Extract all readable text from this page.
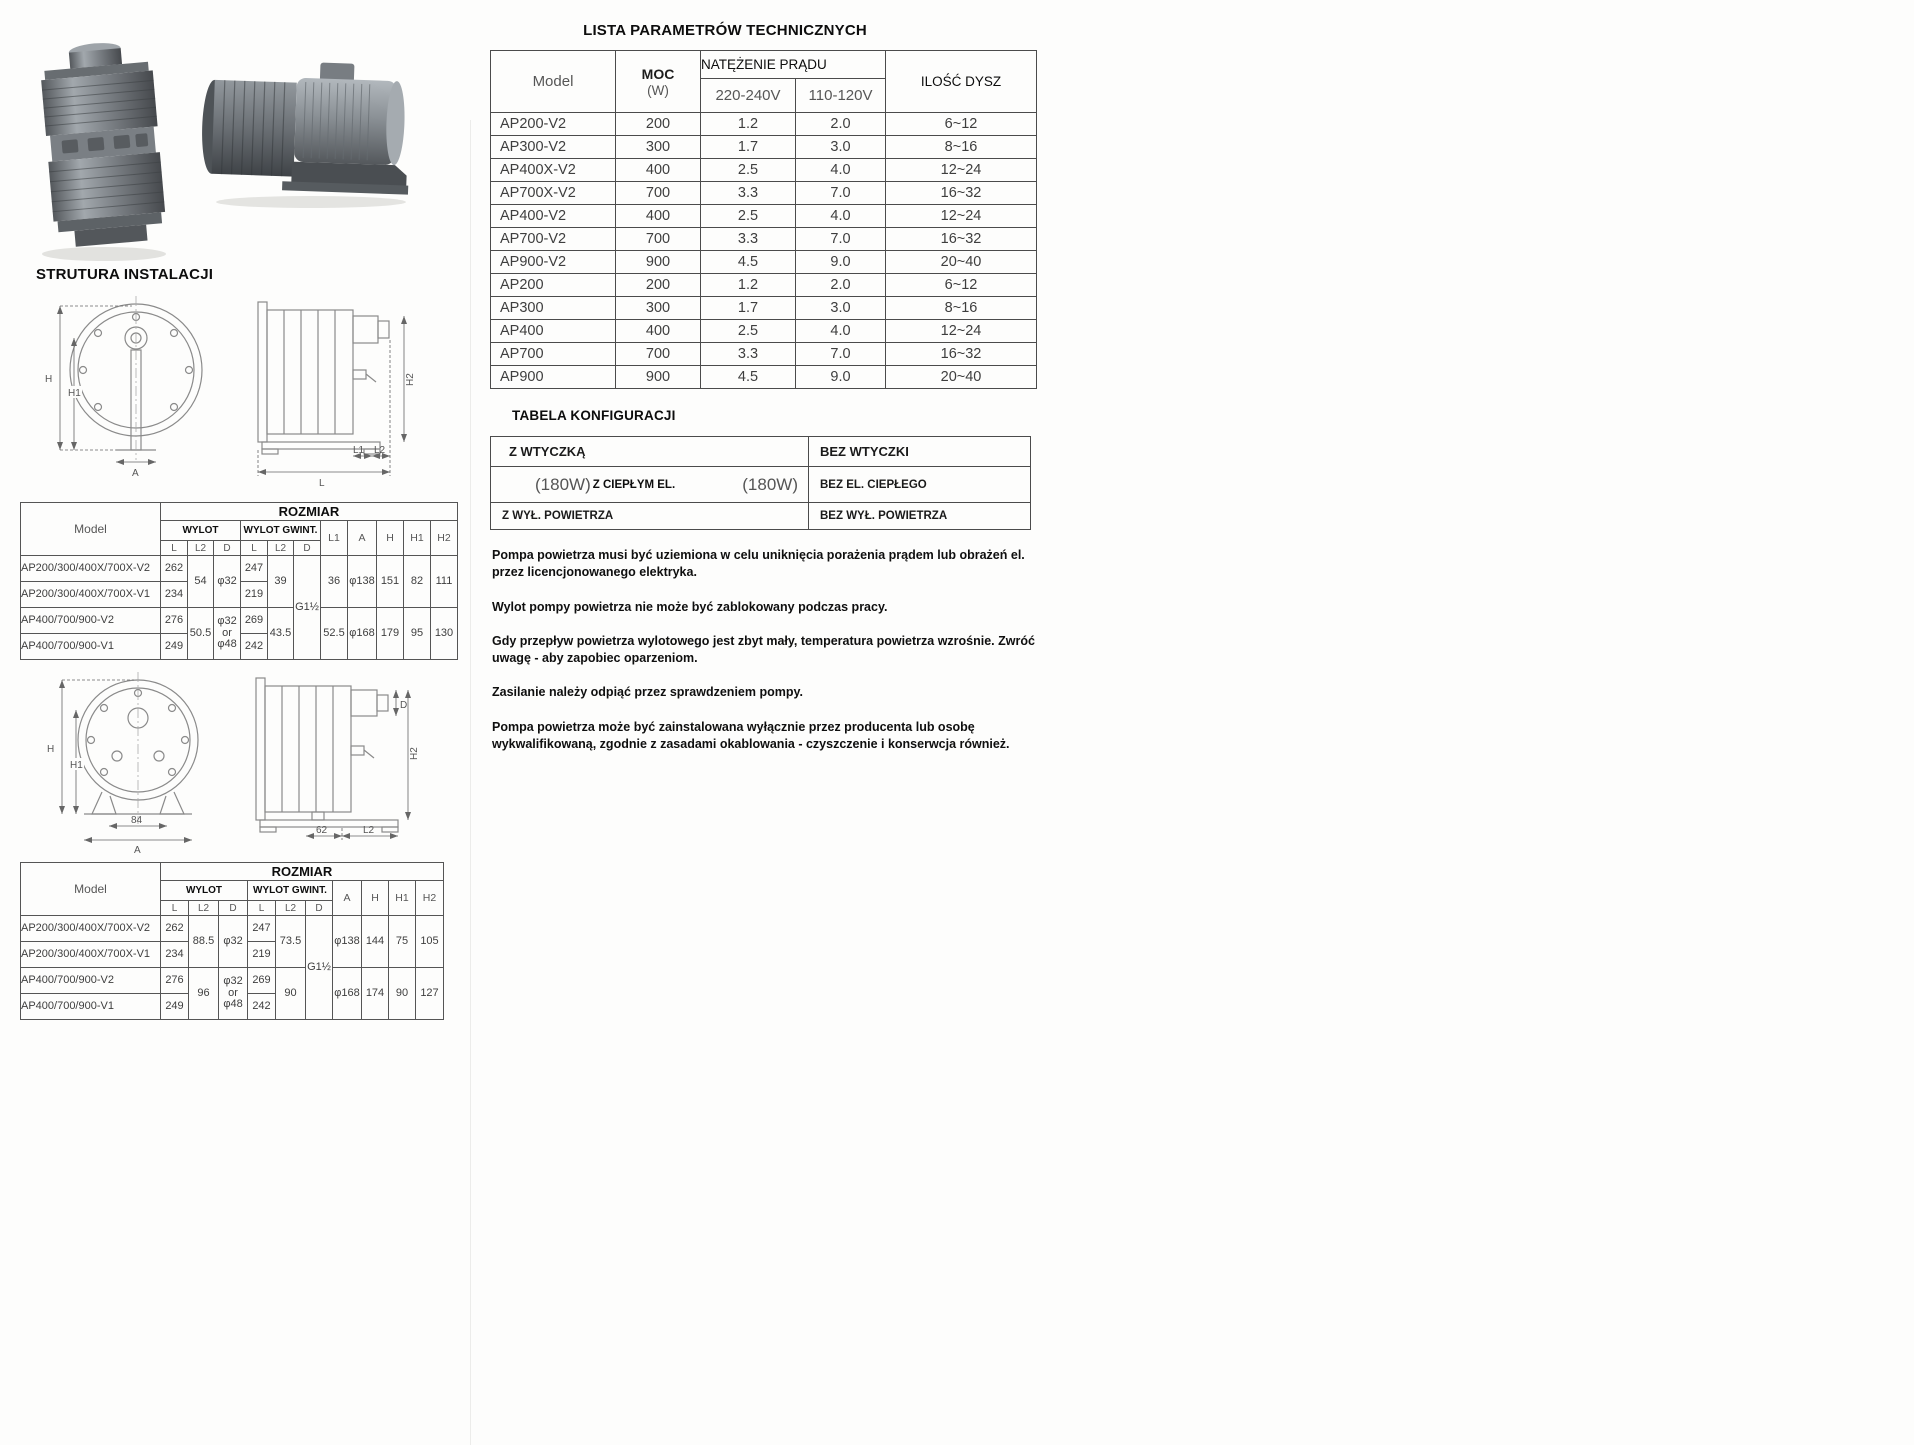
LISTA PARAMETRÓW TECHNICZNYCH
STRUTURA INSTALACJI
TABELA KONFIGURACJI
Model	MOC
(W)	NATĘŻENIE PRĄDU		ILOŚĆ DYSZ
		220-240V	110-120V	
AP200-V2	200	1.2	2.0	6~12
AP300-V2	300	1.7	3.0	8~16
AP400X-V2	400	2.5	4.0	12~24
AP700X-V2	700	3.3	7.0	16~32
AP400-V2	400	2.5	4.0	12~24
AP700-V2	700	3.3	7.0	16~32
AP900-V2	900	4.5	9.0	20~40
AP200	200	1.2	2.0	6~12
AP300	300	1.7	3.0	8~16
AP400	400	2.5	4.0	12~24
AP700	700	3.3	7.0	16~32
AP900	900	4.5	9.0	20~40
Z WTYCZKĄ	BEZ WTYCZKI

(180W) Z CIEPŁYM EL. (180W)	BEZ EL. CIEPŁEGO
Z WYŁ. POWIETRZA	BEZ WYŁ. POWIETRZA

Pompa powietrza musi być uziemiona w celu uniknięcia porażenia prądem lub obrażeń el. przez licencjonowanego elektryka.

Wylot pompy powietrza nie może być zablokowany podczas pracy.

Gdy przepływ powietrza wylotowego jest zbyt mały, temperatura powietrza wzrośnie. Zwróć uwagę - aby zapobiec oparzeniom.

Zasilanie należy odpiąć przez sprawdzeniem pompy.

Pompa powietrza może być zainstalowana wyłącznie przez producenta lub osobę wykwalifikowaną, zgodnie z zasadami okablowania - czyszczenie i konserwcja również.

H
H1
A
L1 L2
L
H2
Model	ROZMIAR										
	WYLOT			WYLOT GWINT.			L1	A	H	H1	H2
	L	L2	D	L	L2	D					
AP200/300/400X/700X-V2	262	54	φ32	247	39	G1½	36	φ138	151	82	111
AP200/300/400X/700X-V1	234			219							
AP400/700/900-V2	276	50.5	φ32 or φ48	269	43.5		52.5	φ168	179	95	130
AP400/700/900-V1	249			242							
H
H1
84
A
D
62	L2
H2
Model	ROZMIAR									
	WYLOT			WYLOT GWINT.			A	H	H1	H2
	L	L2	D	L	L2	D				
AP200/300/400X/700X-V2	262	88.5	φ32	247	73.5	G1½	φ138	144	75	105
AP200/300/400X/700X-V1	234			219						
AP400/700/900-V2	276	96	φ32 or φ48	269	90		φ168	174	90	127
AP400/700/900-V1	249			242						
